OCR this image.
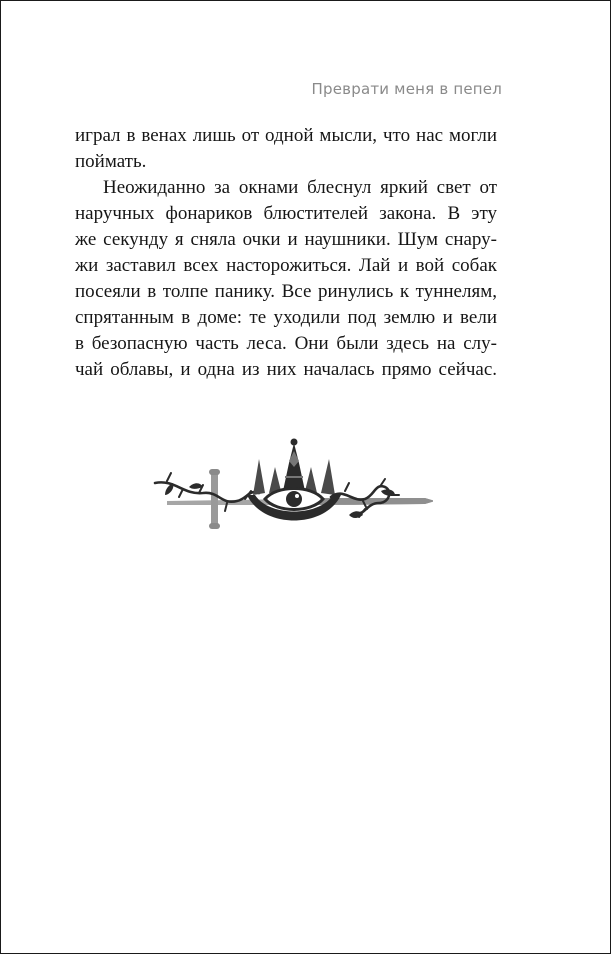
Преврати меня в пепел
играл в венах лишь от одной мысли, что нас могли
поймать.
Неожиданно за окнами блеснул яркий свет от
наручных фонариков блюстителей закона. В эту
же секунду я сняла очки и наушники. Шум снару-
жи заставил всех насторожиться. Лай и вой собак
посеяли в толпе панику. Все ринулись к туннелям,
спрятанным в доме: те уходили под землю и вели
в безопасную часть леса. Они были здесь на слу-
чай облавы, и одна из них началась прямо сейчас.
